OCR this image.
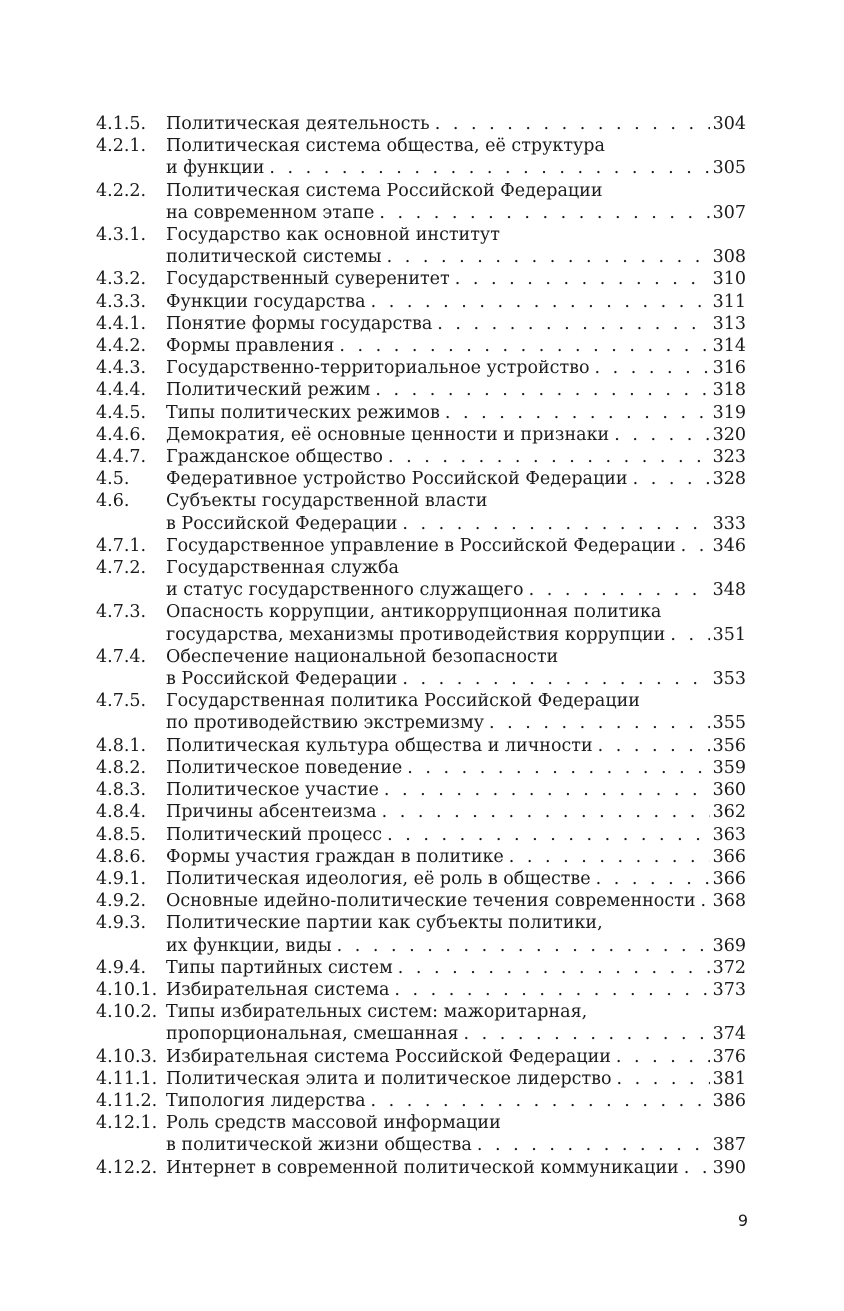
4.1.5.	Политическая деятельность . . .	304
4.2.1.	Политическая система общества, её структура
и функции . . .	305
4.2.2.	Политическая система Российской Федерации
на современном этапе . . .	307
4.3.1.	Государство как основной институт
политической системы . . .	308
4.3.2.	Государственный суверенитет . . .	310
4.3.3.	Функции государства . . .	311
4.4.1.	Понятие формы государства . . .	313
4.4.2.	Формы правления . . .	314
4.4.3.	Государственно-территориальное устройство . . .	316
4.4.4.	Политический режим . . .	318
4.4.5.	Типы политических режимов . . .	319
4.4.6.	Демократия, её основные ценности и признаки . . .	320
4.4.7.	Гражданское общество . . .	323
4.5.	Федеративное устройство Российской Федерации . . .	328
4.6.	Субъекты государственной власти
в Российской Федерации . . .	333
4.7.1.	Государственное управление в Российской Федерации . . . 346
4.7.2.	Государственная служба
и статус государственного служащего . . .	348
4.7.3.	Опасность коррупции, антикоррупционная политика
государства, механизмы противодействия коррупции . . .	351
4.7.4.	Обеспечение национальной безопасности
в Российской Федерации . . .	353
4.7.5.	Государственная политика Российской Федерации
по противодействию экстремизму . . .	355
4.8.1.	Политическая культура общества и личности . . .	356
4.8.2.	Политическое поведение . . .	359
4.8.3.	Политическое участие . . .	360
4.8.4.	Причины абсентеизма . . .	362
4.8.5.	Политический процесс . . .	363
4.8.6.	Формы участия граждан в политике . . .	366
4.9.1.	Политическая идеология, её роль в обществе . . .	366
4.9.2.	Основные идейно-политические течения современности . . . 368
4.9.3.	Политические партии как субъекты политики,
их функции, виды . . .	369
4.9.4.	Типы партийных систем . . .	372
4.10.1. Избирательная система . . .	373
4.10.2. Типы избирательных систем: мажоритарная,
пропорциональная, смешанная . . .	374
4.10.3. Избирательная система Российской Федерации . . .	376
4.11.1. Политическая элита и политическое лидерство . . .	381
4.11.2. Типология лидерства . . .	386
4.12.1. Роль средств массовой информации
в политической жизни общества . . .	387
4.12.2. Интернет в современной политической коммуникации . . . 390
9
